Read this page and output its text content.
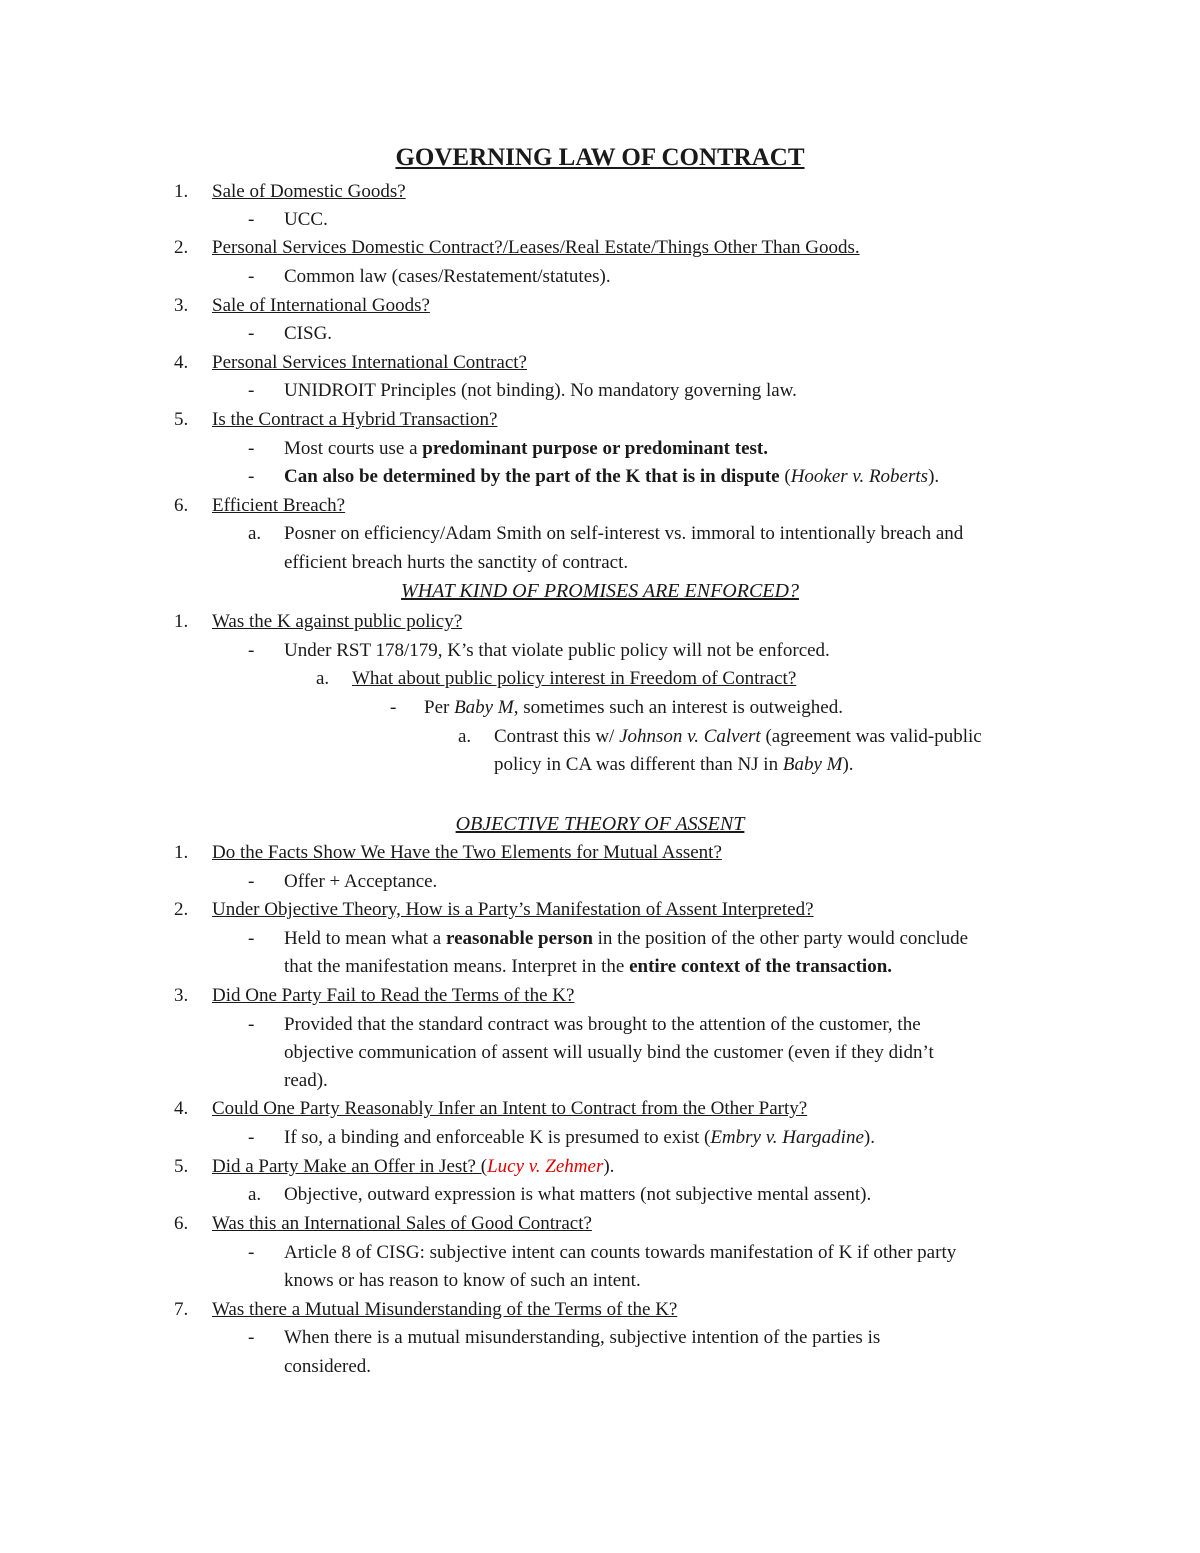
GOVERNING LAW OF CONTRACT
1.	Sale of Domestic Goods?
-	UCC.
2.	Personal Services Domestic Contract?/Leases/Real Estate/Things Other Than Goods.
-	Common law (cases/Restatement/statutes).
3.	Sale of International Goods?
-	CISG.
4.	Personal Services International Contract?
-	UNIDROIT Principles (not binding). No mandatory governing law.
5.	Is the Contract a Hybrid Transaction?
-	Most courts use a predominant purpose or predominant test.
-	Can also be determined by the part of the K that is in dispute (Hooker v. Roberts).
6.	Efficient Breach?
a.	Posner on efficiency/Adam Smith on self-interest vs. immoral to intentionally breach and
efficient breach hurts the sanctity of contract.
WHAT KIND OF PROMISES ARE ENFORCED?
1.	Was the K against public policy?
-	Under RST 178/179, K’s that violate public policy will not be enforced.
a.	What about public policy interest in Freedom of Contract?
-	Per Baby M, sometimes such an interest is outweighed.
a.	Contrast this w/ Johnson v. Calvert (agreement was valid-public
policy in CA was different than NJ in Baby M).
OBJECTIVE THEORY OF ASSENT
1.	Do the Facts Show We Have the Two Elements for Mutual Assent?
-	Offer + Acceptance.
2.	Under Objective Theory, How is a Party’s Manifestation of Assent Interpreted?
-	Held to mean what a reasonable person in the position of the other party would conclude
that the manifestation means. Interpret in the entire context of the transaction.
3.	Did One Party Fail to Read the Terms of the K?
-	Provided that the standard contract was brought to the attention of the customer, the
objective communication of assent will usually bind the customer (even if they didn’t
read).
4.	Could One Party Reasonably Infer an Intent to Contract from the Other Party?
-	If so, a binding and enforceable K is presumed to exist (Embry v. Hargadine).
5.	Did a Party Make an Offer in Jest? (Lucy v. Zehmer).
a.	Objective, outward expression is what matters (not subjective mental assent).
6.	Was this an International Sales of Good Contract?
-	Article 8 of CISG: subjective intent can counts towards manifestation of K if other party
knows or has reason to know of such an intent.
7.	Was there a Mutual Misunderstanding of the Terms of the K?
-	When there is a mutual misunderstanding, subjective intention of the parties is
considered.
